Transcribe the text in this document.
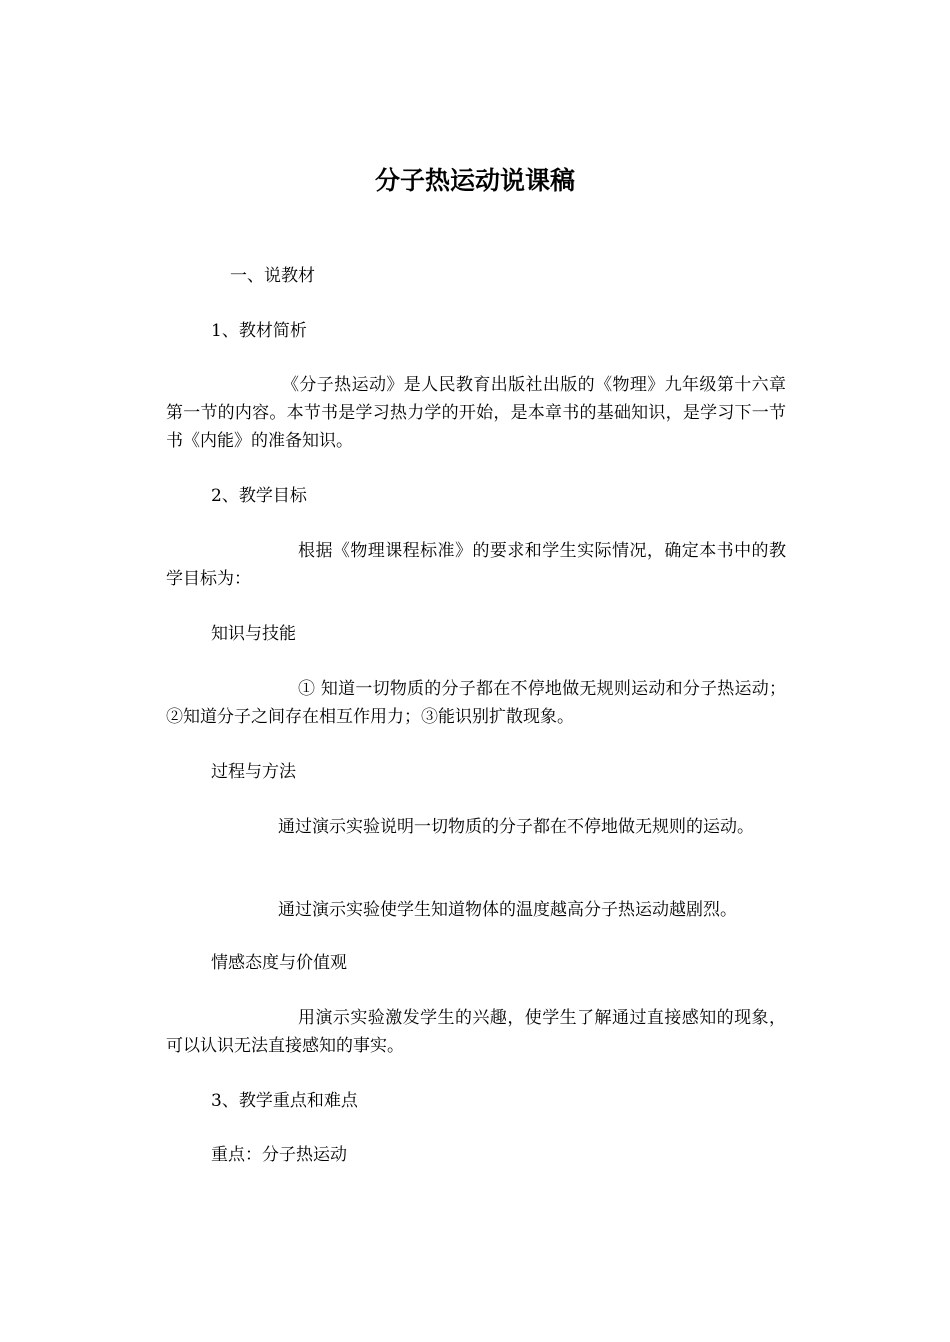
分子热运动说课稿
一、说教材
1、教材简析

《分子热运动》是人民教育出版社出版的《物理》九年级第十六章第一节的内容。本节书是学习热力学的开始，是本章书的基础知识，是学习下一节书《内能》的准备知识。

2、教学目标

根据《物理课程标准》的要求和学生实际情况，确定本书中的教学目标为：

知识与技能

① 知道一切物质的分子都在不停地做无规则运动和分子热运动；②知道分子之间存在相互作用力；③能识别扩散现象。

过程与方法

通过演示实验说明一切物质的分子都在不停地做无规则的运动。

通过演示实验使学生知道物体的温度越高分子热运动越剧烈。
情感态度与价值观

用演示实验激发学生的兴趣，使学生了解通过直接感知的现象，可以认识无法直接感知的事实。

3、教学重点和难点
重点：分子热运动
